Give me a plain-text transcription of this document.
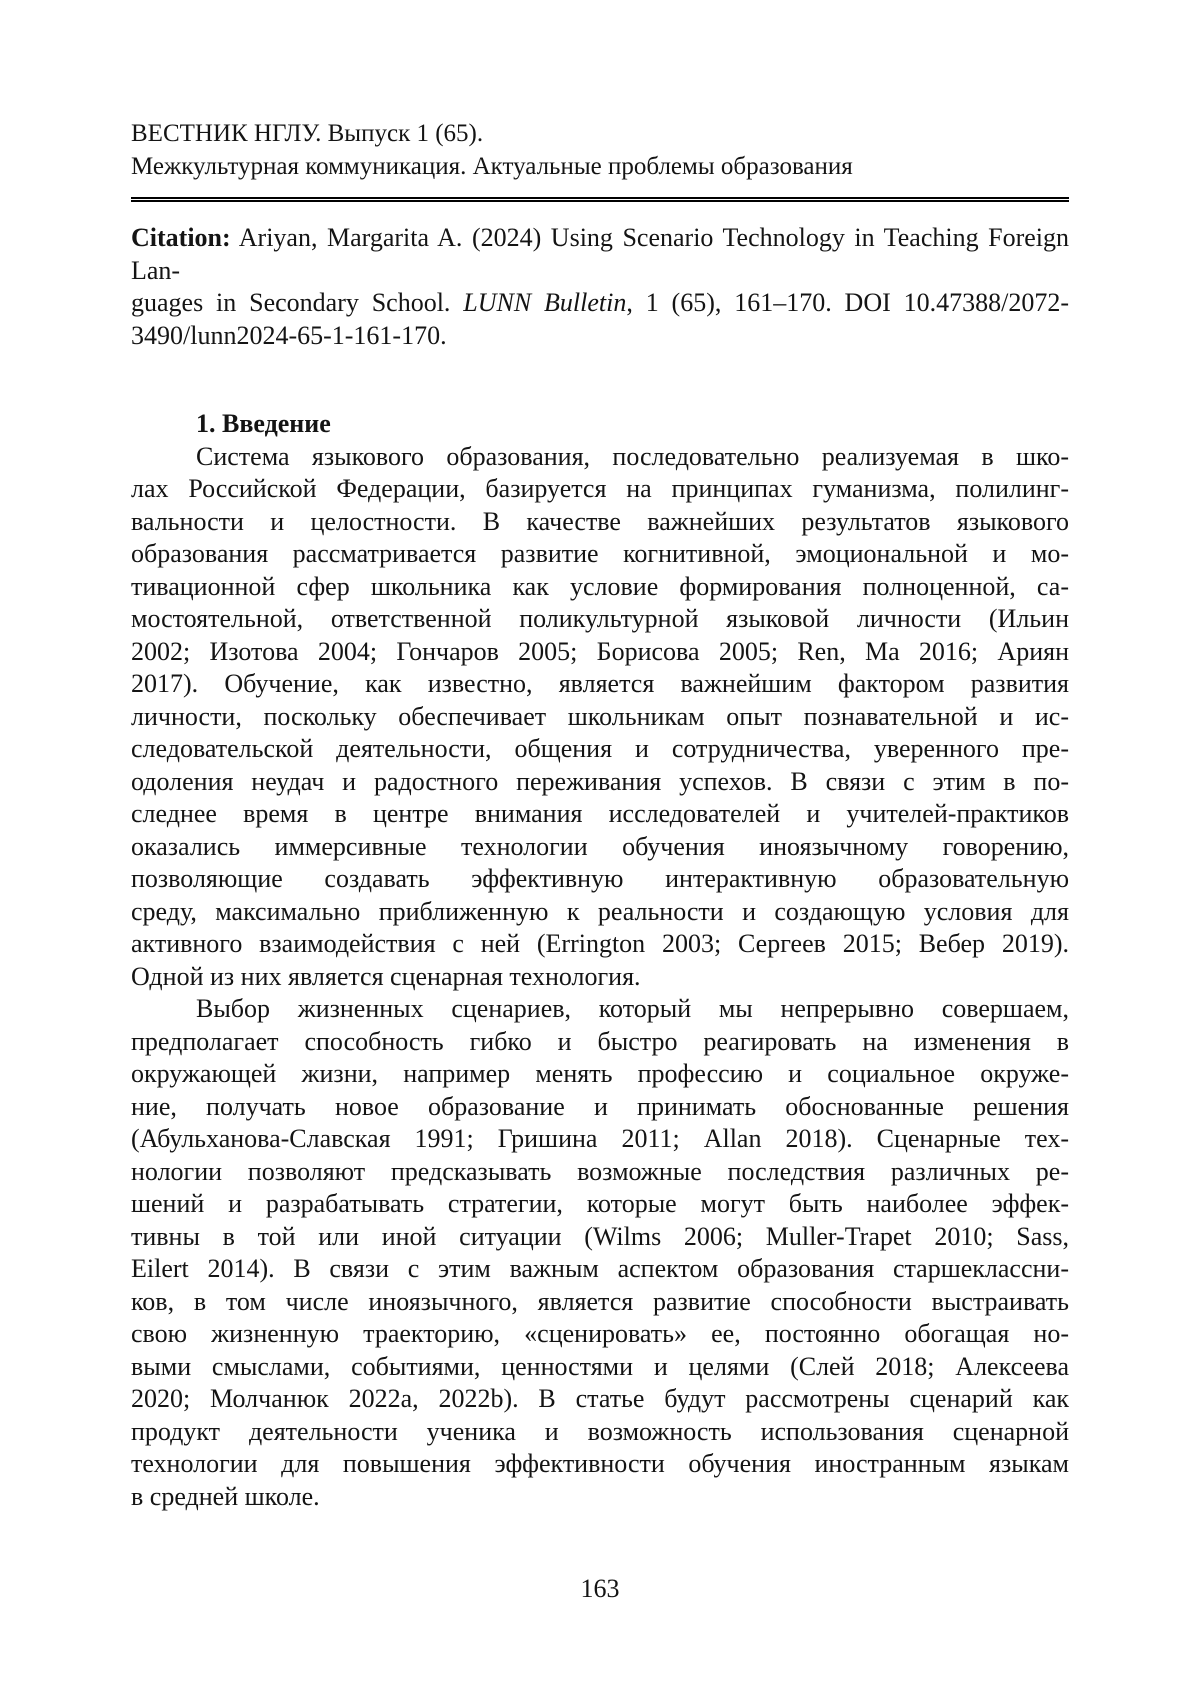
ВЕСТНИК НГЛУ. Выпуск 1 (65).
Межкультурная коммуникация. Актуальные проблемы образования
Citation: Ariyan, Margarita A. (2024) Using Scenario Technology in Teaching Foreign Lan-
guages in Secondary School. LUNN Bulletin, 1 (65), 161–170. DOI 10.47388/2072-
3490/lunn2024-65-1-161-170.
1. Введение
Система языкового образования, последовательно реализуемая в шко-
лах Российской Федерации, базируется на принципах гуманизма, полилинг-
вальности и целостности. В качестве важнейших результатов языкового
образования рассматривается развитие когнитивной, эмоциональной и мо-
тивационной сфер школьника как условие формирования полноценной, са-
мостоятельной, ответственной поликультурной языковой личности (Ильин
2002; Изотова 2004; Гончаров 2005; Борисова 2005; Ren, Ma 2016; Ариян
2017). Обучение, как известно, является важнейшим фактором развития
личности, поскольку обеспечивает школьникам опыт познавательной и ис-
следовательской деятельности, общения и сотрудничества, уверенного пре-
одоления неудач и радостного переживания успехов. В связи с этим в по-
следнее время в центре внимания исследователей и учителей-практиков
оказались иммерсивные технологии обучения иноязычному говорению,
позволяющие создавать эффективную интерактивную образовательную
среду, максимально приближенную к реальности и создающую условия для
активного взаимодействия с ней (Errington 2003; Сергеев 2015; Вебер 2019).
Одной из них является сценарная технология.
Выбор жизненных сценариев, который мы непрерывно совершаем,
предполагает способность гибко и быстро реагировать на изменения в
окружающей жизни, например менять профессию и социальное окруже-
ние, получать новое образование и принимать обоснованные решения
(Абульханова-Славская 1991; Гришина 2011; Allan 2018). Сценарные тех-
нологии позволяют предсказывать возможные последствия различных ре-
шений и разрабатывать стратегии, которые могут быть наиболее эффек-
тивны в той или иной ситуации (Wilms 2006; Muller-Trapet 2010; Sass,
Eilert 2014). В связи с этим важным аспектом образования старшеклассни-
ков, в том числе иноязычного, является развитие способности выстраивать
свою жизненную траекторию, «сценировать» ее, постоянно обогащая но-
выми смыслами, событиями, ценностями и целями (Слей 2018; Алексеева
2020; Молчанюк 2022a, 2022b). В статье будут рассмотрены сценарий как
продукт деятельности ученика и возможность использования сценарной
технологии для повышения эффективности обучения иностранным языкам
в средней школе.
163
